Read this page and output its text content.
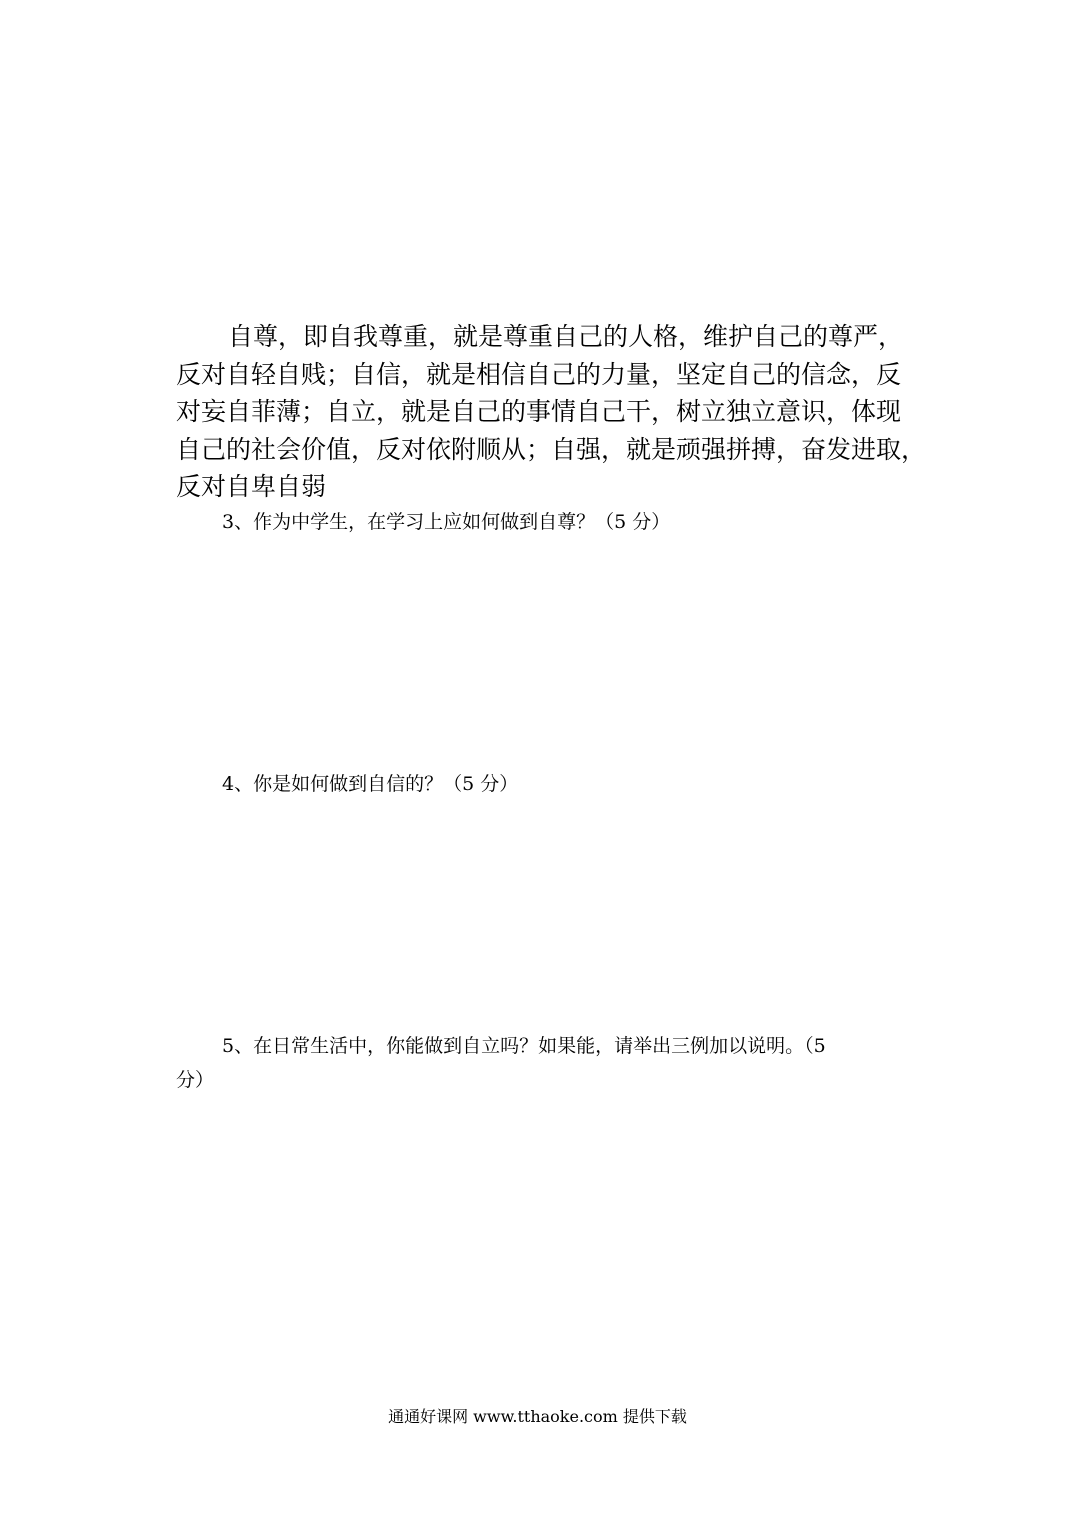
自尊，即自我尊重，就是尊重自己的人格，维护自己的尊严，
反对自轻自贱；自信，就是相信自己的力量，坚定自己的信念，反
对妄自菲薄；自立，就是自己的事情自己干，树立独立意识，体现
自己的社会价值，反对依附顺从；自强，就是顽强拼搏，奋发进取，
反对自卑自弱

3、作为中学生，在学习上应如何做到自尊？（5 分）

4、你是如何做到自信的？（5 分）

5、在日常生活中，你能做到自立吗？如果能，请举出三例加以说明。（5

分）

通通好课网 www.tthaoke.com 提供下载
